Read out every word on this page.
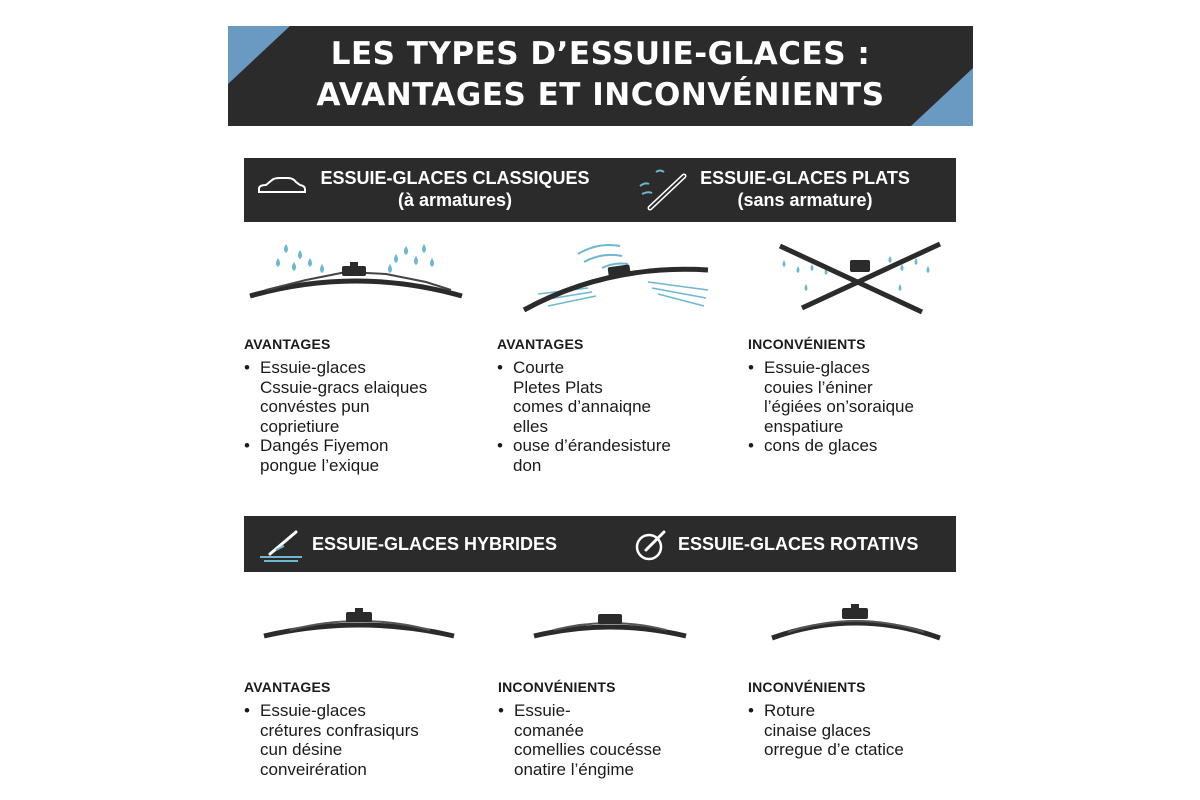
LES TYPES D’ESSUIE-GLACES :
AVANTAGES ET INCONVÉNIENTS
ESSUIE-GLACES CLASSIQUES
(à armatures)
ESSUIE-GLACES PLATS
(sans armature)
AVANTAGES
• Essuie-glaces
Cssuie-gracs elaiques
convéstes pun
coprietiure
• Dangés Fiyemon
pongue l’exique
AVANTAGES
• Courte
Pletes Plats
comes d’annaiqne
elles
• ouse d’érandesisture
don
INCONVÉNIENTS
• Essuie-glaces
couies l’éniner
l’égiées on’soraique
enspatiure
• cons de glaces
ESSUIE-GLACES HYBRIDES	ESSUIE-GLACES ROTATIVS
AVANTAGES
• Essuie-glaces
crétures confrasiqurs
cun désine
conveirération
INCONVÉNIENTS
• Essuie-
comanée
comellies coucésse
onatire l’éngime
INCONVÉNIENTS
• Roture
cinaise glaces
orregue d’e ctatice
